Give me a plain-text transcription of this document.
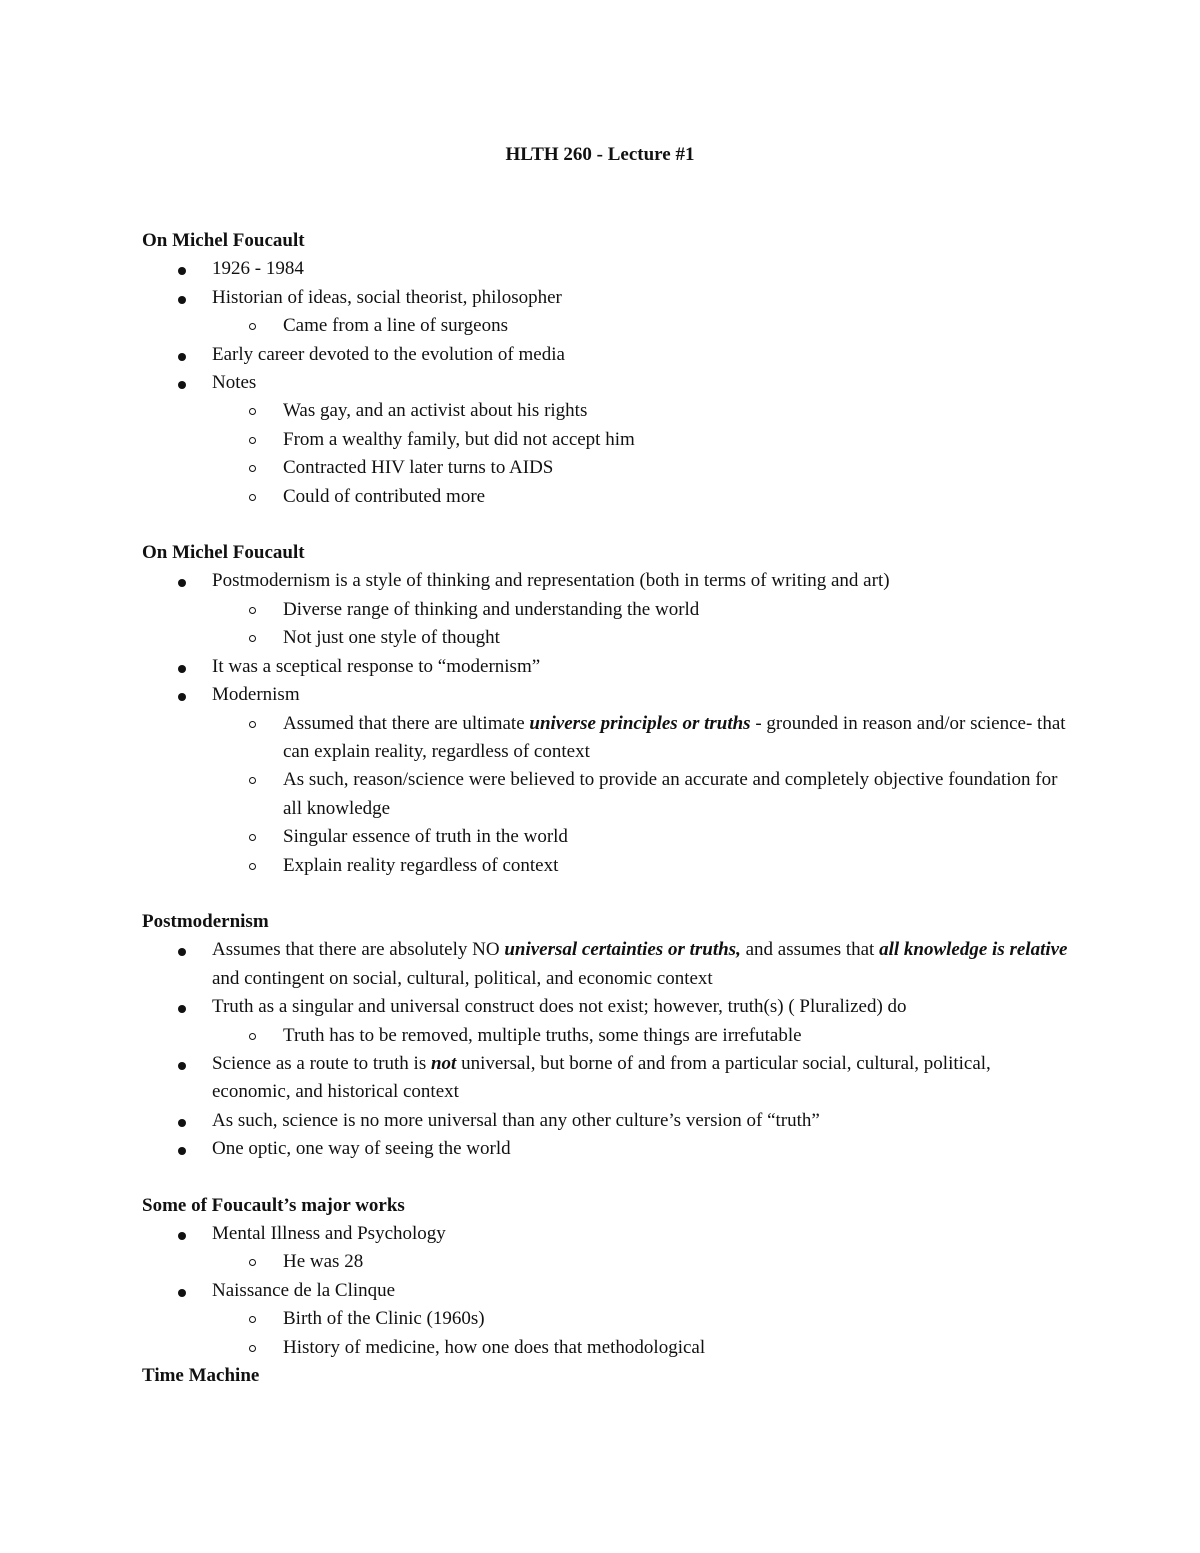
HLTH 260 - Lecture #1
On Michel Foucault
1926 - 1984
Historian of ideas, social theorist, philosopher
Came from a line of surgeons
Early career devoted to the evolution of media
Notes
Was gay, and an activist about his rights
From a wealthy family, but did not accept him
Contracted HIV later turns to AIDS
Could of contributed more
On Michel Foucault
Postmodernism is a style of thinking and representation (both in terms of writing and art)
Diverse range of thinking and understanding the world
Not just one style of thought
It was a sceptical response to “modernism”
Modernism
Assumed that there are ultimate universe principles or truths - grounded in reason and/or science- that can explain reality, regardless of context
As such, reason/science were believed to provide an accurate and completely objective foundation for all knowledge
Singular essence of truth in the world
Explain reality regardless of context
Postmodernism
Assumes that there are absolutely NO universal certainties or truths, and assumes that all knowledge is relative and contingent on social, cultural, political, and economic context
Truth as a singular and universal construct does not exist; however, truth(s) ( Pluralized) do
Truth has to be removed, multiple truths, some things are irrefutable
Science as a route to truth is not universal, but borne of and from a particular social, cultural, political, economic, and historical context
As such, science is no more universal than any other culture’s version of “truth”
One optic, one way of seeing the world
Some of Foucault’s major works
Mental Illness and Psychology
He was 28
Naissance de la Clinque
Birth of the Clinic (1960s)
History of medicine, how one does that methodological
Time Machine
